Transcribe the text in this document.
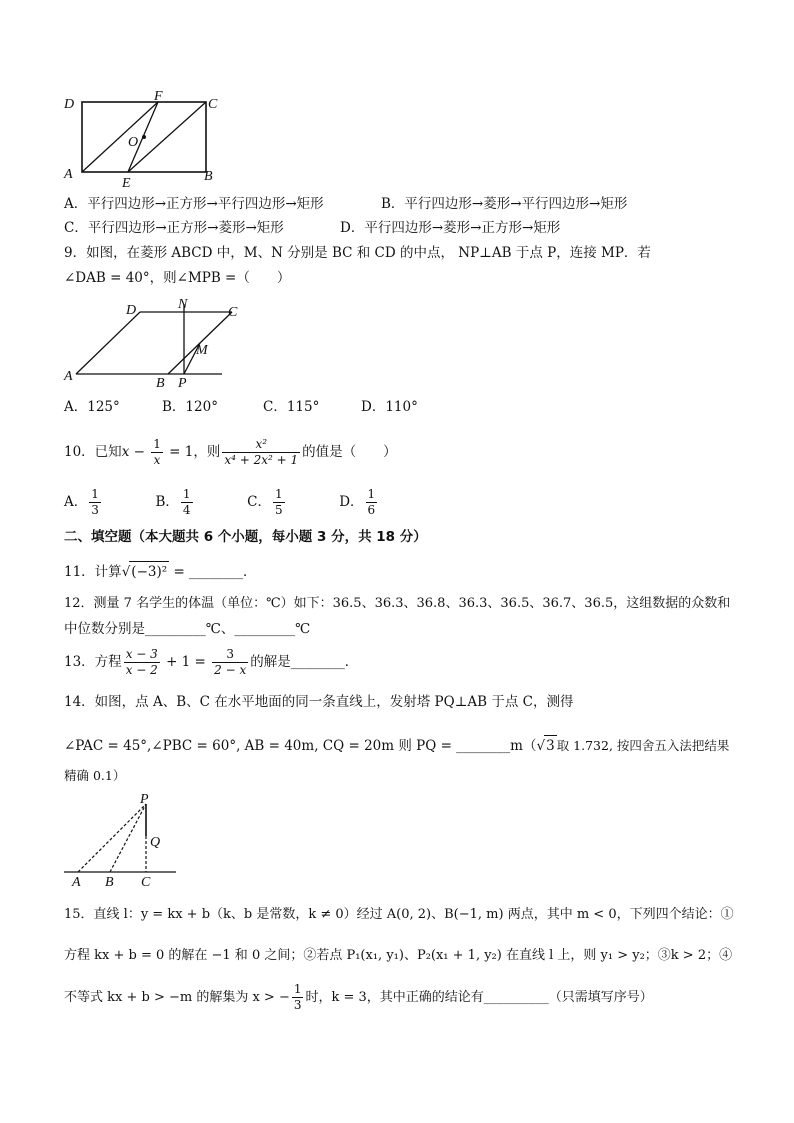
D
F
C
O
A
E	B
A．平行四边形→正方形→平行四边形→矩形	B．平行四边形→菱形→平行四边形→矩形
C．平行四边形→正方形→菱形→矩形	D．平行四边形→菱形→正方形→矩形
9．如图，在菱形 ABCD 中，M、N 分别是 BC 和 CD 的中点， NP⊥AB 于点 P，连接 MP．若
∠DAB = 40°，则∠MPB =（　　）
D	N
C
M
A	B P
A．125°	B．120°	C．115°	D．110°
10．已知$x - \frac{1}{x} = 1$，则 $\frac{\text{x²}}{\text{x⁴ + 2x² + 1}}$ 的值是（　　）
A． $\frac{1}{3}$	B． $\frac{1}{4}$	C． $\frac{1}{5}$	D． $\frac{1}{6}$
二、填空题（本大题共 6 个小题，每小题 3 分，共 18 分）
11．计算√(−3)² = ________．
12．测量 7 名学生的体温（单位：℃）如下：36.5、36.3、36.8、36.3、36.5、36.7、36.5，这组数据的众数和
中位数分别是_________℃、_________℃
13．方程 $\frac{x - 3}{x - 2} + 1 = \frac{3}{2 - x}$ 的解是________．
14．如图，点 A、B、C 在水平地面的同一条直线上，发射塔 PQ⊥AB 于点 C，测得
∠PAC = 45°,∠PBC = 60°, AB = 40m, CQ = 20m 则 PQ = ________m（√3 取 1.732, 按四舍五入法把结果
精确 0.1）
P
Q
A B C
15．直线 l：y = kx + b（k、b 是常数，k ≠ 0）经过 A(0, 2)、B(−1, m) 两点，其中 m < 0，下列四个结论：①
方程 kx + b = 0 的解在 −1 和 0 之间；②若点 P₁(x₁, y₁)、P₂(x₁ + 1, y₂) 在直线 l 上，则 y₁ > y₂；③k > 2；④
不等式 kx + b > −m 的解集为 x > − $\frac{1}{3}$ 时，k = 3，其中正确的结论有__________（只需填写序号）
